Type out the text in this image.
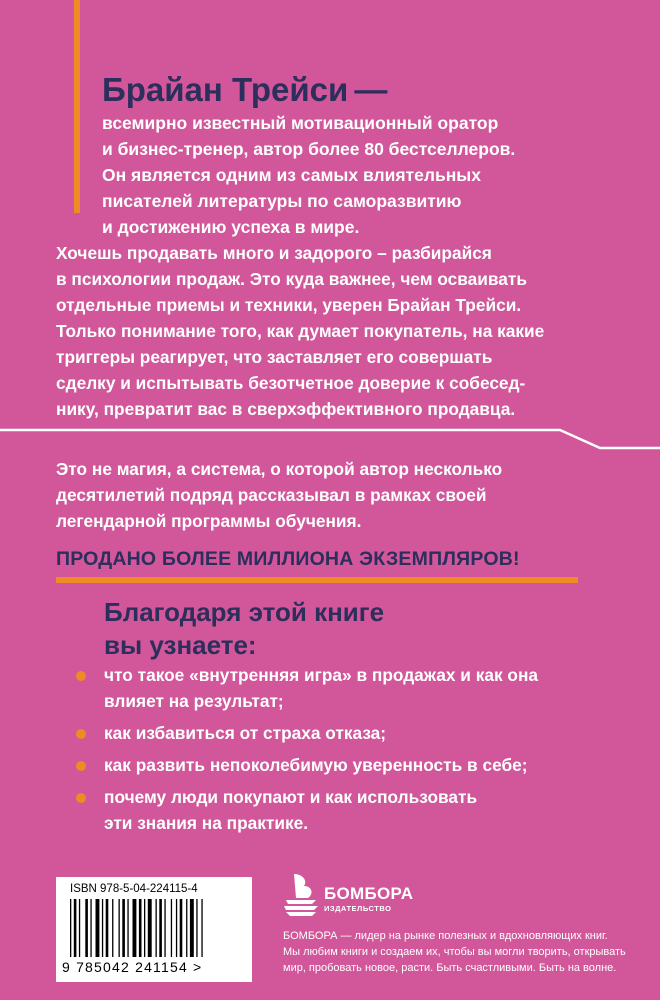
Брайан Трейси —

всемирно известный мотивационный оратор
и бизнес-тренер, автор более 80 бестселлеров.
Он является одним из самых влиятельных
писателей литературы по саморазвитию
и достижению успеха в мире.

Хочешь продавать много и задорого – разбирайся
в психологии продаж. Это куда важнее, чем осваивать
отдельные приемы и техники, уверен Брайан Трейси.
Только понимание того, как думает покупатель, на какие
триггеры реагирует, что заставляет его совершать
сделку и испытывать безотчетное доверие к собесед-
нику, превратит вас в сверхэффективного продавца.

Это не магия, а система, о которой автор несколько
десятилетий подряд рассказывал в рамках своей
легендарной программы обучения.

ПРОДАНО БОЛЕЕ МИЛЛИОНА ЭКЗЕМПЛЯРОВ!

Благодаря этой книге
вы узнаете:

что такое «внутренняя игра» в продажах и как она
влияет на результат;
как избавиться от страха отказа;
как развить непоколебимую уверенность в себе;
почему люди покупают и как использовать
эти знания на практике.
ISBN 978-5-04-224115-4
9 785042 241154 >
БОМБОРА
ИЗДАТЕЛЬСТВО

БОМБОРА — лидер на рынке полезных и вдохновляющих книг.
Мы любим книги и создаем их, чтобы вы могли творить, открывать
мир, пробовать новое, расти. Быть счастливыми. Быть на волне.
